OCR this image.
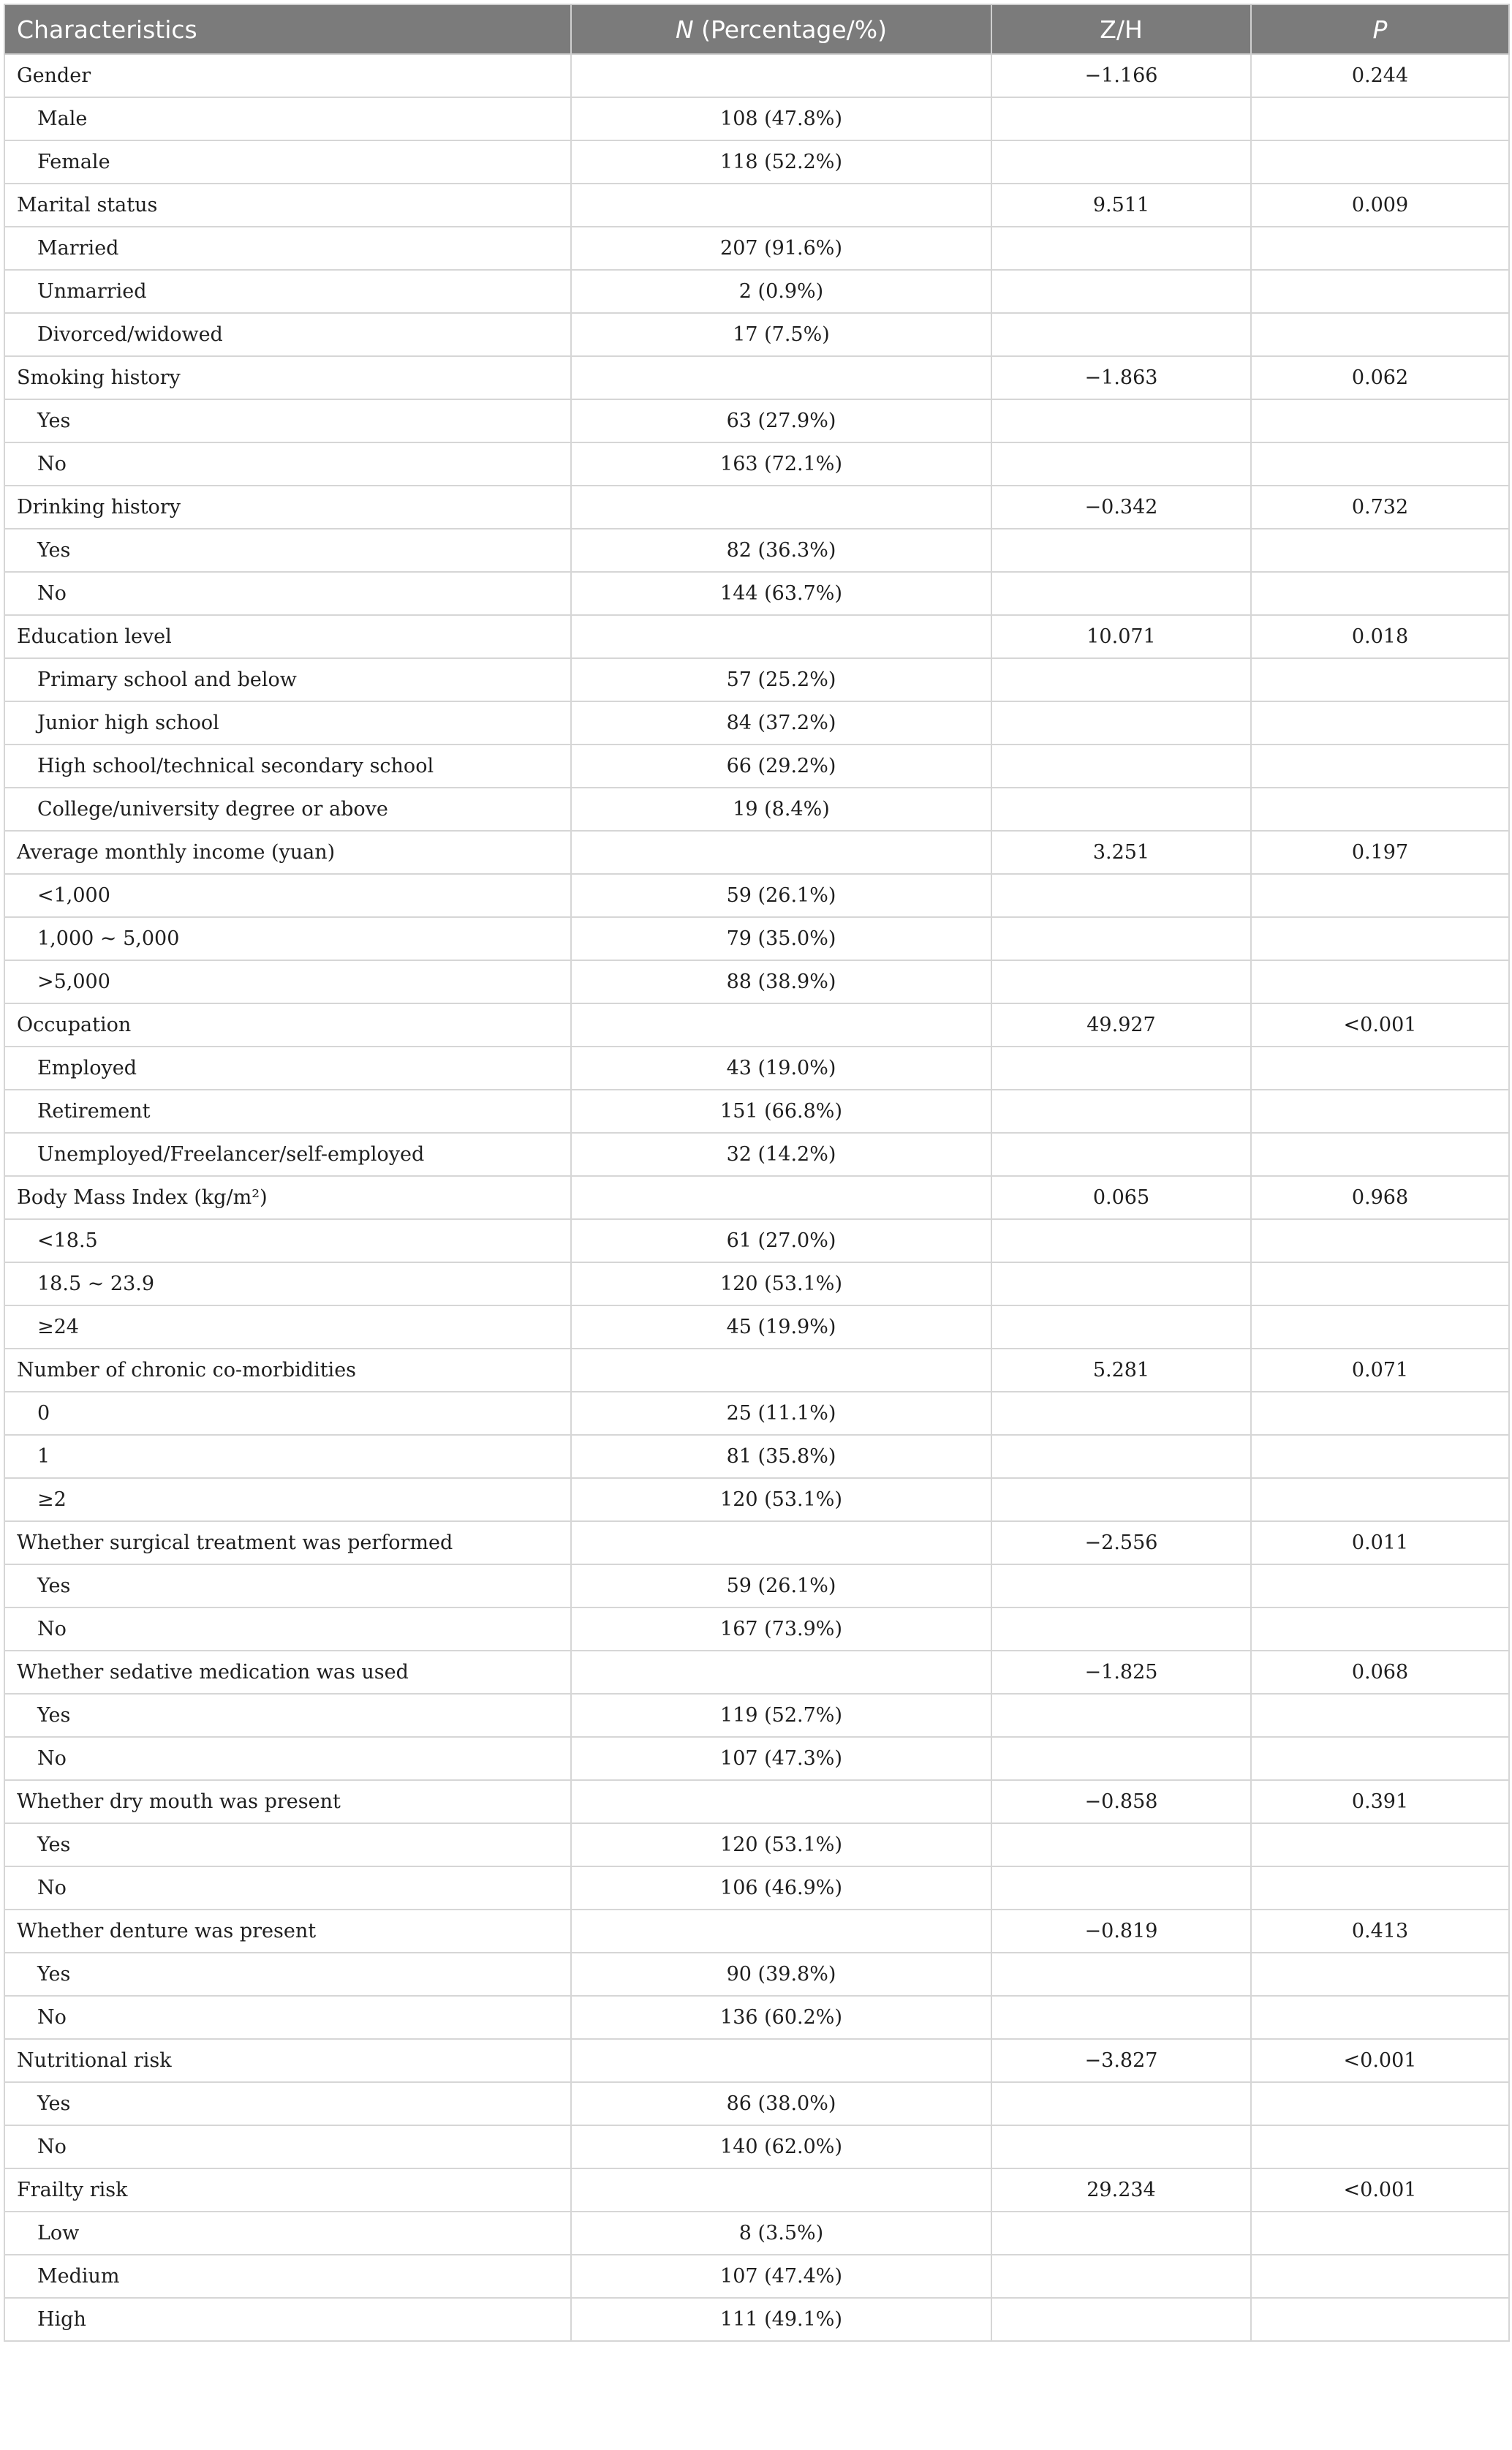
Characteristics	N (Percentage/%)	Z/H	P
Gender		−1.166	0.244
Male	108 (47.8%)		
Female	118 (52.2%)		
Marital status		9.511	0.009
Married	207 (91.6%)		
Unmarried	2 (0.9%)		
Divorced/widowed	17 (7.5%)		
Smoking history		−1.863	0.062
Yes	63 (27.9%)		
No	163 (72.1%)		
Drinking history		−0.342	0.732
Yes	82 (36.3%)		
No	144 (63.7%)		
Education level		10.071	0.018
Primary school and below	57 (25.2%)		
Junior high school	84 (37.2%)		
High school/technical secondary school	66 (29.2%)		
College/university degree or above	19 (8.4%)		
Average monthly income (yuan)		3.251	0.197
<1,000	59 (26.1%)		
1,000 ~ 5,000	79 (35.0%)		
>5,000	88 (38.9%)		
Occupation		49.927	<0.001
Employed	43 (19.0%)		
Retirement	151 (66.8%)		
Unemployed/Freelancer/self-employed	32 (14.2%)		
Body Mass Index (kg/m²)		0.065	0.968
<18.5	61 (27.0%)		
18.5 ~ 23.9	120 (53.1%)		
≥24	45 (19.9%)		
Number of chronic co-morbidities		5.281	0.071
0	25 (11.1%)		
1	81 (35.8%)		
≥2	120 (53.1%)		
Whether surgical treatment was performed		−2.556	0.011
Yes	59 (26.1%)		
No	167 (73.9%)		
Whether sedative medication was used		−1.825	0.068
Yes	119 (52.7%)		
No	107 (47.3%)		
Whether dry mouth was present		−0.858	0.391
Yes	120 (53.1%)		
No	106 (46.9%)		
Whether denture was present		−0.819	0.413
Yes	90 (39.8%)		
No	136 (60.2%)		
Nutritional risk		−3.827	<0.001
Yes	86 (38.0%)		
No	140 (62.0%)		
Frailty risk		29.234	<0.001
Low	8 (3.5%)		
Medium	107 (47.4%)		
High	111 (49.1%)		
